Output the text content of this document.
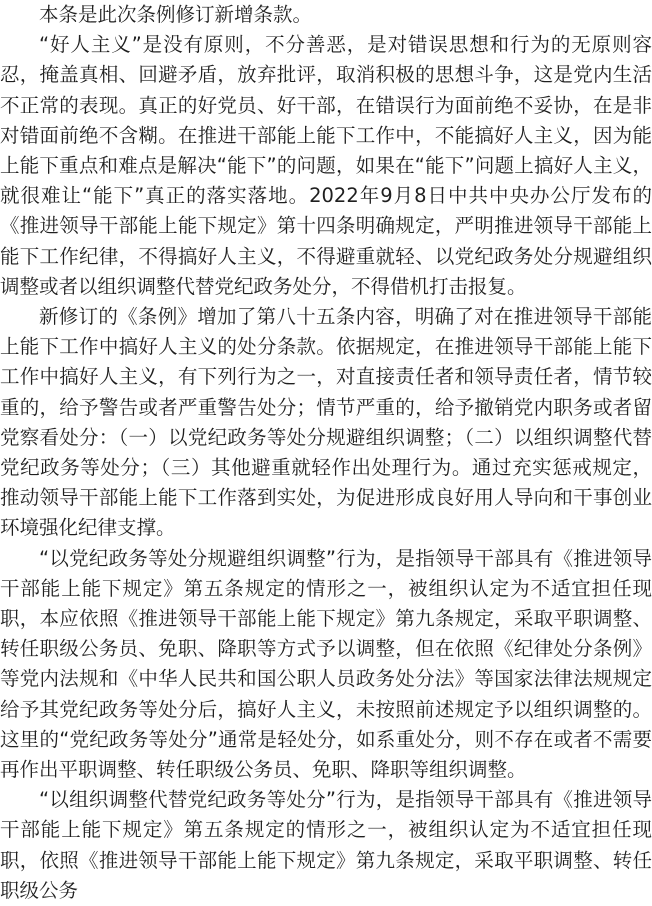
本条是此次条例修订新增条款。

“好人主义”是没有原则，不分善恶，是对错误思想和行为的无原则容忍，掩盖真相、回避矛盾，放弃批评，取消积极的思想斗争，这是党内生活不正常的表现。真正的好党员、好干部，在错误行为面前绝不妥协，在是非对错面前绝不含糊。在推进干部能上能下工作中，不能搞好人主义，因为能上能下重点和难点是解决“能下”的问题，如果在“能下”问题上搞好人主义，就很难让“能下”真正的落实落地。2022年9月8日中共中央办公厅发布的《推进领导干部能上能下规定》第十四条明确规定，严明推进领导干部能上能下工作纪律，不得搞好人主义，不得避重就轻、以党纪政务处分规避组织调整或者以组织调整代替党纪政务处分，不得借机打击报复。

新修订的《条例》增加了第八十五条内容，明确了对在推进领导干部能上能下工作中搞好人主义的处分条款。依据规定，在推进领导干部能上能下工作中搞好人主义，有下列行为之一，对直接责任者和领导责任者，情节较重的，给予警告或者严重警告处分；情节严重的，给予撤销党内职务或者留党察看处分：（一）以党纪政务等处分规避组织调整；（二）以组织调整代替党纪政务等处分；（三）其他避重就轻作出处理行为。通过充实惩戒规定，推动领导干部能上能下工作落到实处，为促进形成良好用人导向和干事创业环境强化纪律支撑。

“以党纪政务等处分规避组织调整”行为，是指领导干部具有《推进领导干部能上能下规定》第五条规定的情形之一，被组织认定为不适宜担任现职，本应依照《推进领导干部能上能下规定》第九条规定，采取平职调整、转任职级公务员、免职、降职等方式予以调整，但在依照《纪律处分条例》等党内法规和《中华人民共和国公职人员政务处分法》等国家法律法规规定给予其党纪政务等处分后，搞好人主义，未按照前述规定予以组织调整的。这里的“党纪政务等处分”通常是轻处分，如系重处分，则不存在或者不需要再作出平职调整、转任职级公务员、免职、降职等组织调整。

“以组织调整代替党纪政务等处分”行为，是指领导干部具有《推进领导干部能上能下规定》第五条规定的情形之一，被组织认定为不适宜担任现职，依照《推进领导干部能上能下规定》第九条规定，采取平职调整、转任职级公务
